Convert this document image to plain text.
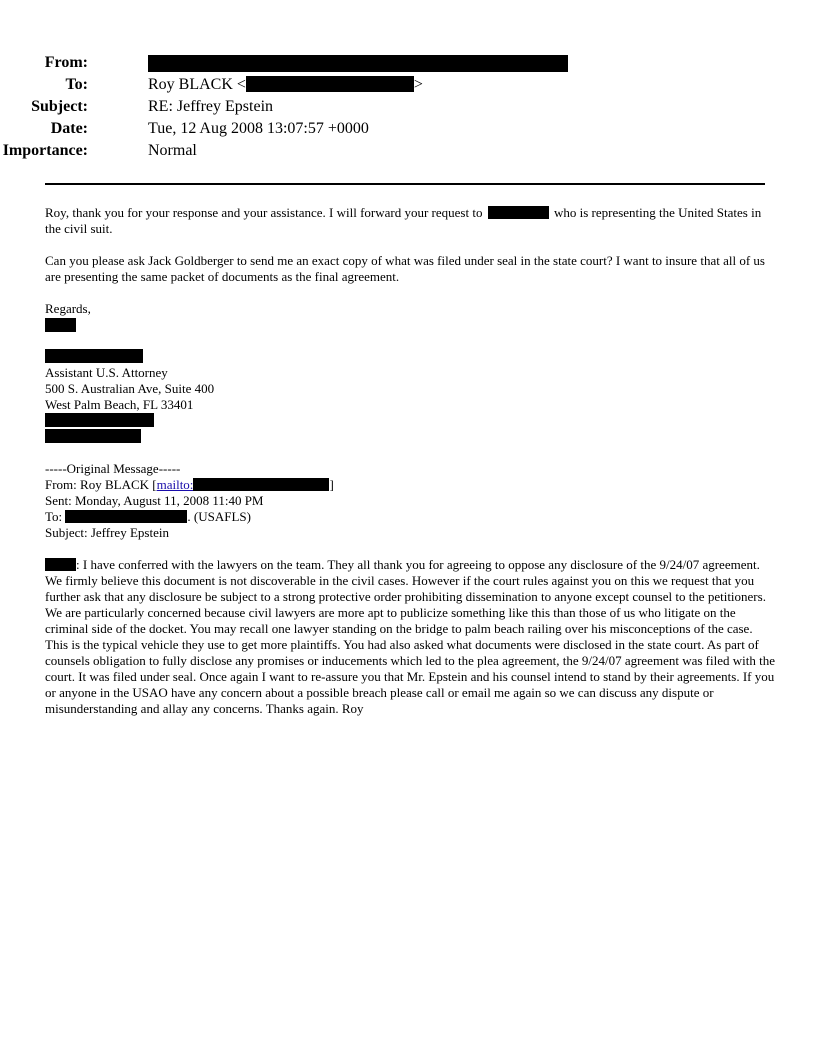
From:
To:	Roy BLACK <	>
Subject:	RE: Jeffrey Epstein
Date:	Tue, 12 Aug 2008 13:07:57 +0000
Importance:	Normal
Roy, thank you for your response and your assistance. I will forward your request to	who is representing the United States in
the civil suit.
Can you please ask Jack Goldberger to send me an exact copy of what was filed under seal in the state court? I want to insure that all of us are presenting the same packet of documents as the final agreement.
Regards,
Assistant U.S. Attorney
500 S. Australian Ave, Suite 400
West Palm Beach, FL 33401
-----Original Message-----
From: Roy BLACK [mailto:	]
Sent: Monday, August 11, 2008 11:40 PM
To:	. (USAFLS)
Subject: Jeffrey Epstein
: I have conferred with the lawyers on the team. They all thank you for agreeing to oppose any disclosure of the 9/24/07 agreement. We firmly believe this document is not discoverable in the civil cases. However if the court rules against you on this we request that you further ask that any disclosure be subject to a strong protective order prohibiting dissemination to anyone except counsel to the petitioners. We are particularly concerned because civil lawyers are more apt to publicize something like this than those of us who litigate on the criminal side of the docket. You may recall one lawyer standing on the bridge to palm beach railing over his misconceptions of the case. This is the typical vehicle they use to get more plaintiffs. You had also asked what documents were disclosed in the state court. As part of counsels obligation to fully disclose any promises or inducements which led to the plea agreement, the 9/24/07 agreement was filed with the court. It was filed under seal. Once again I want to re-assure you that Mr. Epstein and his counsel intend to stand by their agreements. If you or anyone in the USAO have any concern about a possible breach please call or email me again so we can discuss any dispute or misunderstanding and allay any concerns. Thanks again. Roy
